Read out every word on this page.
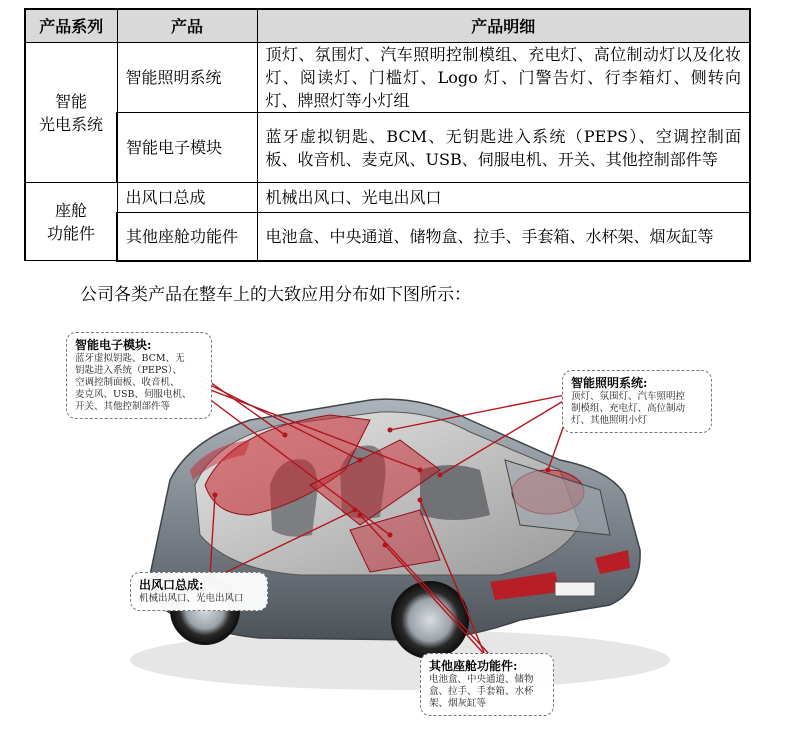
产品系列	产品	产品明细
智能
光电系统	智能照明系统	顶灯、氛围灯、汽车照明控制模组、充电灯、高位制动灯以及化妆灯、阅读灯、门槛灯、Logo 灯、门警告灯、行李箱灯、侧转向灯、牌照灯等小灯组
	智能电子模块	蓝牙虚拟钥匙、BCM、无钥匙进入系统（PEPS）、空调控制面板、收音机、麦克风、USB、伺服电机、开关、其他控制部件等
座舱
功能件	出风口总成	机械出风口、光电出风口
	其他座舱功能件	电池盒、中央通道、储物盒、拉手、手套箱、水杯架、烟灰缸等
公司各类产品在整车上的大致应用分布如下图所示：
智能电子模块:
蓝牙虚拟钥匙、BCM、无
钥匙进入系统（PEPS）、
空调控制面板、收音机、
麦克风、USB、伺服电机、
开关、其他控制部件等
智能照明系统:
顶灯、氛围灯、汽车照明控
制模组、充电灯、高位制动
灯、其他照明小灯
出风口总成:
机械出风口、光电出风口
其他座舱功能件:
电池盒、中央通道、储物
盒、拉手、手套箱、水杯
架、烟灰缸等
